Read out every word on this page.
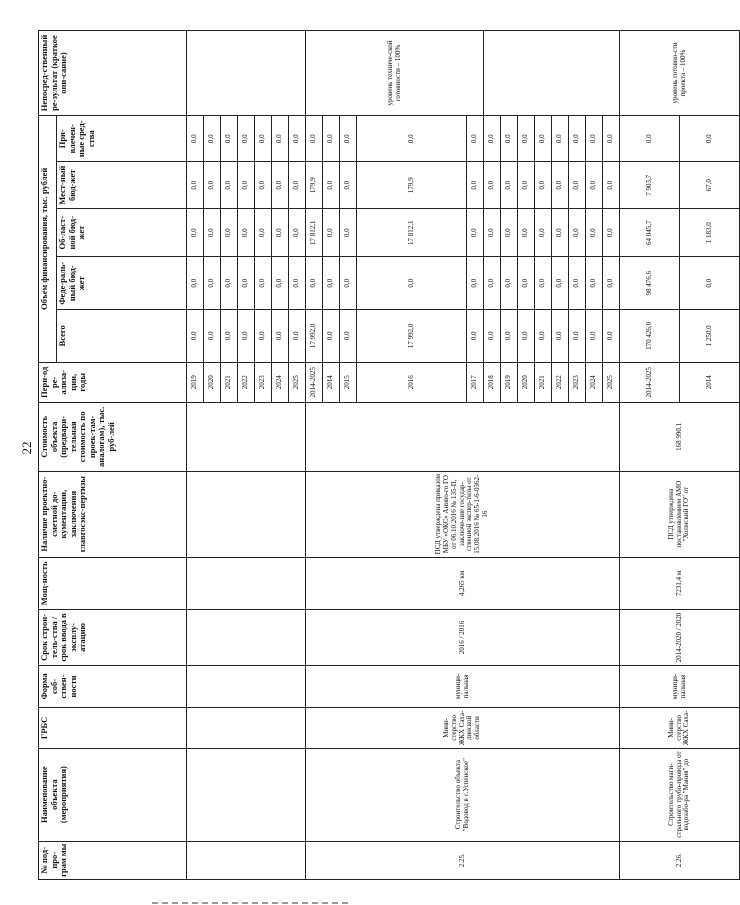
22
№ под-про-грам мы	Наименование объекта (мероприятия)	ГРБС	Форма соб-ствен-ности	Срок строи-тель-ства / срок ввода в эксплу-атацию	Мощ-ность	Наличие проектно-сметной до-кументации, заключения главгосэкс-пертизы	Стоимость объекта (предвари-тельная стоимость по проек-там-аналогам), тыс. руб-лей	Пери-од ре-ализа-ции, годы	Объем финансирования, тыс. рублей					Непосред-ственный ре-зультат (краткое опи-сание)
									Всего	Феде-раль-ный бюд-жет	Об-ласт-ной бюд-жет	Мест-ный бюд-жет	При-влечен-ные сред-ства	
								2019	0,0	0,0	0,0	0,0	0,0	
								2020	0,0	0,0	0,0	0,0	0,0	
								2021	0,0	0,0	0,0	0,0	0,0	
								2022	0,0	0,0	0,0	0,0	0,0	
								2023	0,0	0,0	0,0	0,0	0,0	
								2024	0,0	0,0	0,0	0,0	0,0	
								2025	0,0	0,0	0,0	0,0	0,0	
2.25.	Строительство объекта "Водовод в с.Успенское"	Мини-стерство ЖКХ Саха-линской области	муници-пальная	2016 / 2016	4,265 км	ПСД утверждена приказом МБУ «ОКС» Аниво-го ГО от 06.10.2016 № 135-П, заключе-ние государ-ственной экспер-тизы от 15.08.2016 № 65-1-6-0362-16		2014-2025	17 992,0	0,0	17 812,1	179,9	0,0	уровень техниче-ской готовности – 100%
								2014	0,0	0,0	0,0	0,0	0,0	
								2015	0,0	0,0	0,0	0,0	0,0	
								2016	17 992,0	0,0	17 812,1	179,9	0,0	
								2017	0,0	0,0	0,0	0,0	0,0	
								2018	0,0	0,0	0,0	0,0	0,0	
								2019	0,0	0,0	0,0	0,0	0,0	
								2020	0,0	0,0	0,0	0,0	0,0	
								2021	0,0	0,0	0,0	0,0	0,0	
								2022	0,0	0,0	0,0	0,0	0,0	
								2023	0,0	0,0	0,0	0,0	0,0	
								2024	0,0	0,0	0,0	0,0	0,0	
								2025	0,0	0,0	0,0	0,0	0,0	
2.26.	Строительство маги-стрального трубо-провода от водозабо-ра "Мания" до	Мини-стерство ЖКХ Саха-	муници-пальная	2014-2020 / 2020	7231,4 м	ПСД утверждена постановлением АМО "Холмский ГО" от	168 990,1	2014-2025	170 426,0	98 476,6	64 045,7	7 903,7	0,0	уровень готовно-сти проекта – 100%
								2014	1 250,0	0,0	1 183,0	67,0	0,0	
